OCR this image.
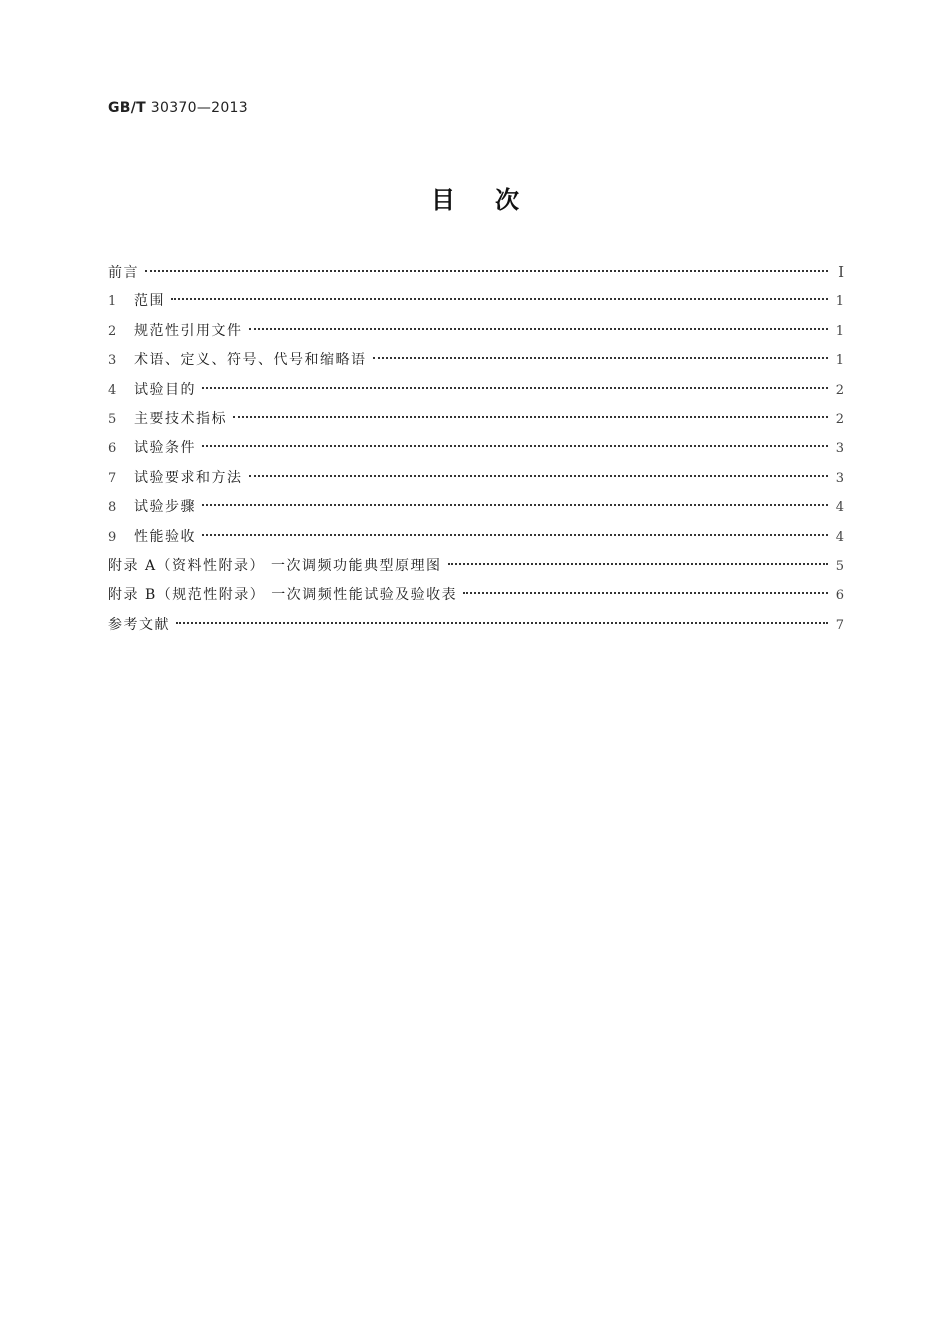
GB/T 30370—2013
目次
前言	Ⅰ
1	范围	1
2	规范性引用文件	1
3	术语、定义、符号、代号和缩略语	1
4	试验目的	2
5	主要技术指标	2
6	试验条件	3
7	试验要求和方法	3
8	试验步骤	4
9	性能验收	4
附录 A（资料性附录） 一次调频功能典型原理图	5
附录 B（规范性附录） 一次调频性能试验及验收表	6
参考文献	7
